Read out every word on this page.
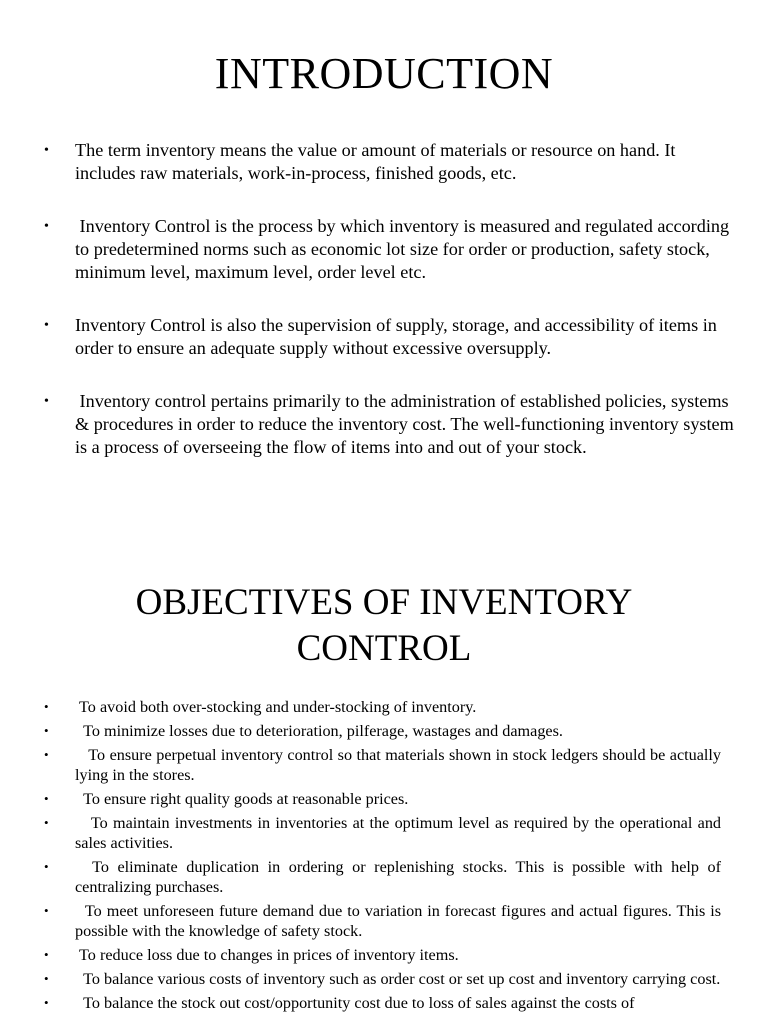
INTRODUCTION
• The term inventory means the value or amount of materials or resource on hand. It includes raw materials, work-in-process, finished goods, etc.
• Inventory Control is the process by which inventory is measured and regulated according to predetermined norms such as economic lot size for order or production, safety stock, minimum level, maximum level, order level etc.
• Inventory Control is also the supervision of supply, storage, and accessibility of items in order to ensure an adequate supply without excessive oversupply.
• Inventory control pertains primarily to the administration of established policies, systems & procedures in order to reduce the inventory cost. The well-functioning inventory system is a process of overseeing the flow of items into and out of your stock.
OBJECTIVES OF INVENTORY
CONTROL
• To avoid both over-stocking and under-stocking of inventory.
• To minimize losses due to deterioration, pilferage, wastages and damages.
• To ensure perpetual inventory control so that materials shown in stock ledgers should be actually lying in the stores.
• To ensure right quality goods at reasonable prices.
• To maintain investments in inventories at the optimum level as required by the operational and sales activities.
• To eliminate duplication in ordering or replenishing stocks. This is possible with help of  centralizing purchases.
• To meet unforeseen future demand due to variation in forecast figures and actual figures. This is possible with the knowledge of safety stock.
• To reduce loss due to changes in prices of inventory items.
• To balance various costs of inventory such as order cost or set up cost and inventory carrying cost.
• To balance the stock out cost/opportunity cost due to loss of sales against the costs of
